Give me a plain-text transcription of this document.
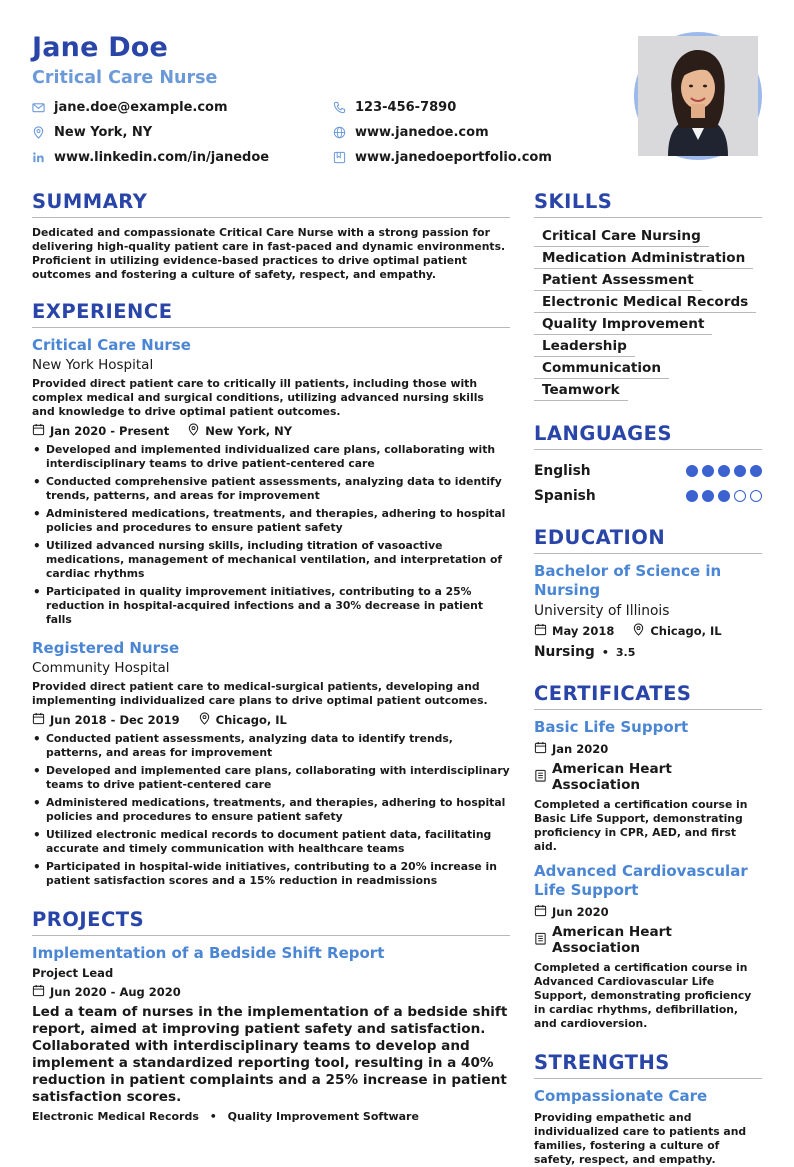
Jane Doe
Critical Care Nurse
jane.doe@example.com	123-456-7890
New York, NY	www.janedoe.com
www.linkedin.com/in/janedoe	www.janedoeportfolio.com
SUMMARY
Dedicated and compassionate Critical Care Nurse with a strong passion for delivering high-quality patient care in fast-paced and dynamic environments. Proficient in utilizing evidence-based practices to drive optimal patient outcomes and fostering a culture of safety, respect, and empathy.
EXPERIENCE
Critical Care Nurse
New York Hospital
Provided direct patient care to critically ill patients, including those with complex medical and surgical conditions, utilizing advanced nursing skills and knowledge to drive optimal patient outcomes.
Jan 2020 - Present	New York, NY
• Developed and implemented individualized care plans, collaborating with interdisciplinary teams to drive patient-centered care
• Conducted comprehensive patient assessments, analyzing data to identify trends, patterns, and areas for improvement
• Administered medications, treatments, and therapies, adhering to hospital policies and procedures to ensure patient safety
• Utilized advanced nursing skills, including titration of vasoactive medications, management of mechanical ventilation, and interpretation of cardiac rhythms
• Participated in quality improvement initiatives, contributing to a 25% reduction in hospital-acquired infections and a 30% decrease in patient falls
Registered Nurse
Community Hospital
Provided direct patient care to medical-surgical patients, developing and implementing individualized care plans to drive optimal patient outcomes.
Jun 2018 - Dec 2019	Chicago, IL
• Conducted patient assessments, analyzing data to identify trends, patterns, and areas for improvement
• Developed and implemented care plans, collaborating with interdisciplinary teams to drive patient-centered care
• Administered medications, treatments, and therapies, adhering to hospital policies and procedures to ensure patient safety
• Utilized electronic medical records to document patient data, facilitating accurate and timely communication with healthcare teams
• Participated in hospital-wide initiatives, contributing to a 20% increase in patient satisfaction scores and a 15% reduction in readmissions
PROJECTS
Implementation of a Bedside Shift Report
Project Lead
Jun 2020 - Aug 2020
Led a team of nurses in the implementation of a bedside shift report, aimed at improving patient safety and satisfaction. Collaborated with interdisciplinary teams to develop and implement a standardized reporting tool, resulting in a 40% reduction in patient complaints and a 25% increase in patient satisfaction scores.
Electronic Medical Records • Quality Improvement Software
SKILLS
Critical Care Nursing
Medication Administration
Patient Assessment
Electronic Medical Records
Quality Improvement
Leadership
Communication
Teamwork
LANGUAGES
English
Spanish
EDUCATION
Bachelor of Science in Nursing
University of Illinois
May 2018	Chicago, IL
Nursing • 3.5
CERTIFICATES
Basic Life Support
Jan 2020
American Heart Association
Completed a certification course in Basic Life Support, demonstrating proficiency in CPR, AED, and first aid.
Advanced Cardiovascular Life Support
Jun 2020
American Heart Association
Completed a certification course in Advanced Cardiovascular Life Support, demonstrating proficiency in cardiac rhythms, defibrillation, and cardioversion.
STRENGTHS
Compassionate Care
Providing empathetic and individualized care to patients and families, fostering a culture of safety, respect, and empathy.
